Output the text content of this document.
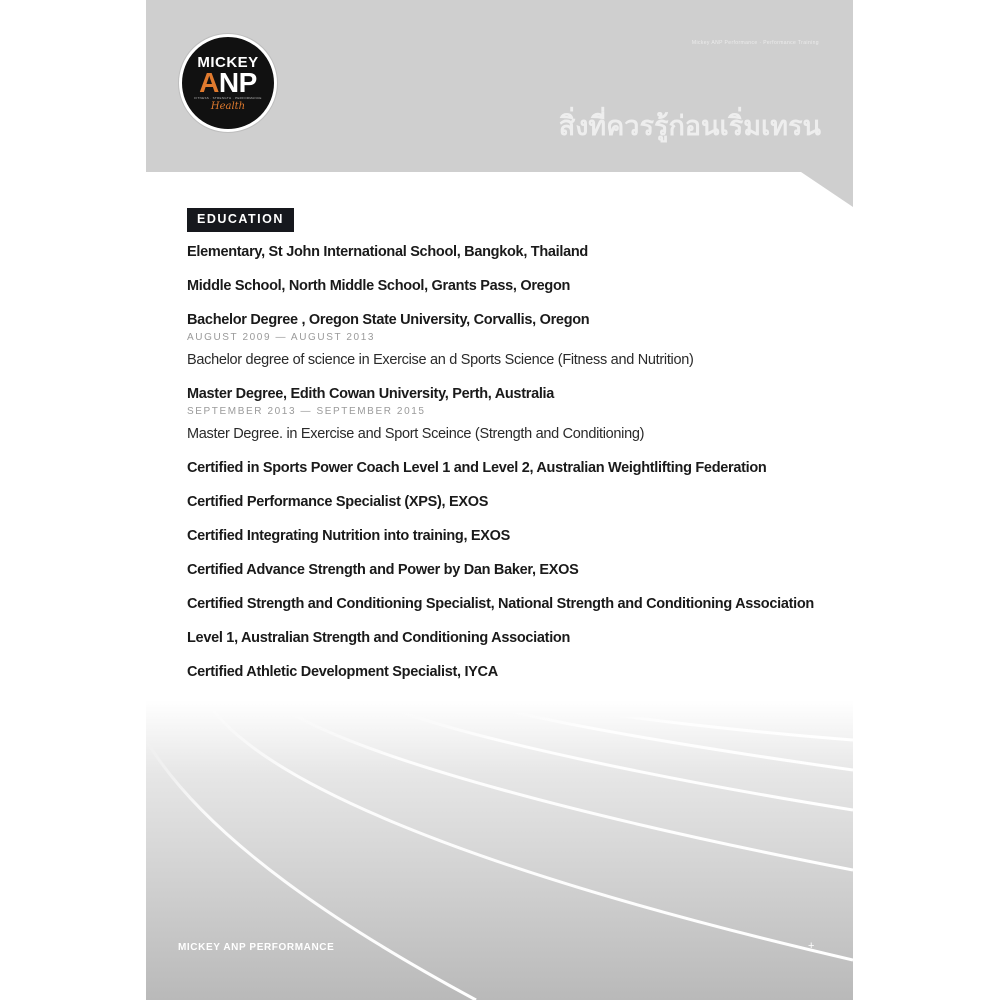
MICKEY
ANP
FITNESS · STRENGTH · PERFORMANCE
Health
Mickey ANP Performance · Performance Training
สิ่งที่ควรรู้ก่อนเริ่มเทรน
EDUCATION
Elementary, St John International School, Bangkok, Thailand
Middle School, North Middle School, Grants Pass, Oregon
Bachelor Degree , Oregon State University, Corvallis, Oregon
AUGUST 2009 — AUGUST 2013
Bachelor degree of science in Exercise an d Sports Science (Fitness and Nutrition)
Master Degree, Edith Cowan University, Perth, Australia
SEPTEMBER 2013 — SEPTEMBER 2015
Master Degree. in Exercise and Sport Sceince (Strength and Conditioning)
Certified in Sports Power Coach Level 1 and Level 2, Australian Weightlifting Federation
Certified Performance Specialist (XPS), EXOS
Certified Integrating Nutrition into training, EXOS
Certified Advance Strength and Power by Dan Baker, EXOS
Certified Strength and Conditioning Specialist, National Strength and Conditioning Association
Level 1, Australian Strength and Conditioning Association
Certified Athletic Development Specialist, IYCA
MICKEY ANP PERFORMANCE	+
